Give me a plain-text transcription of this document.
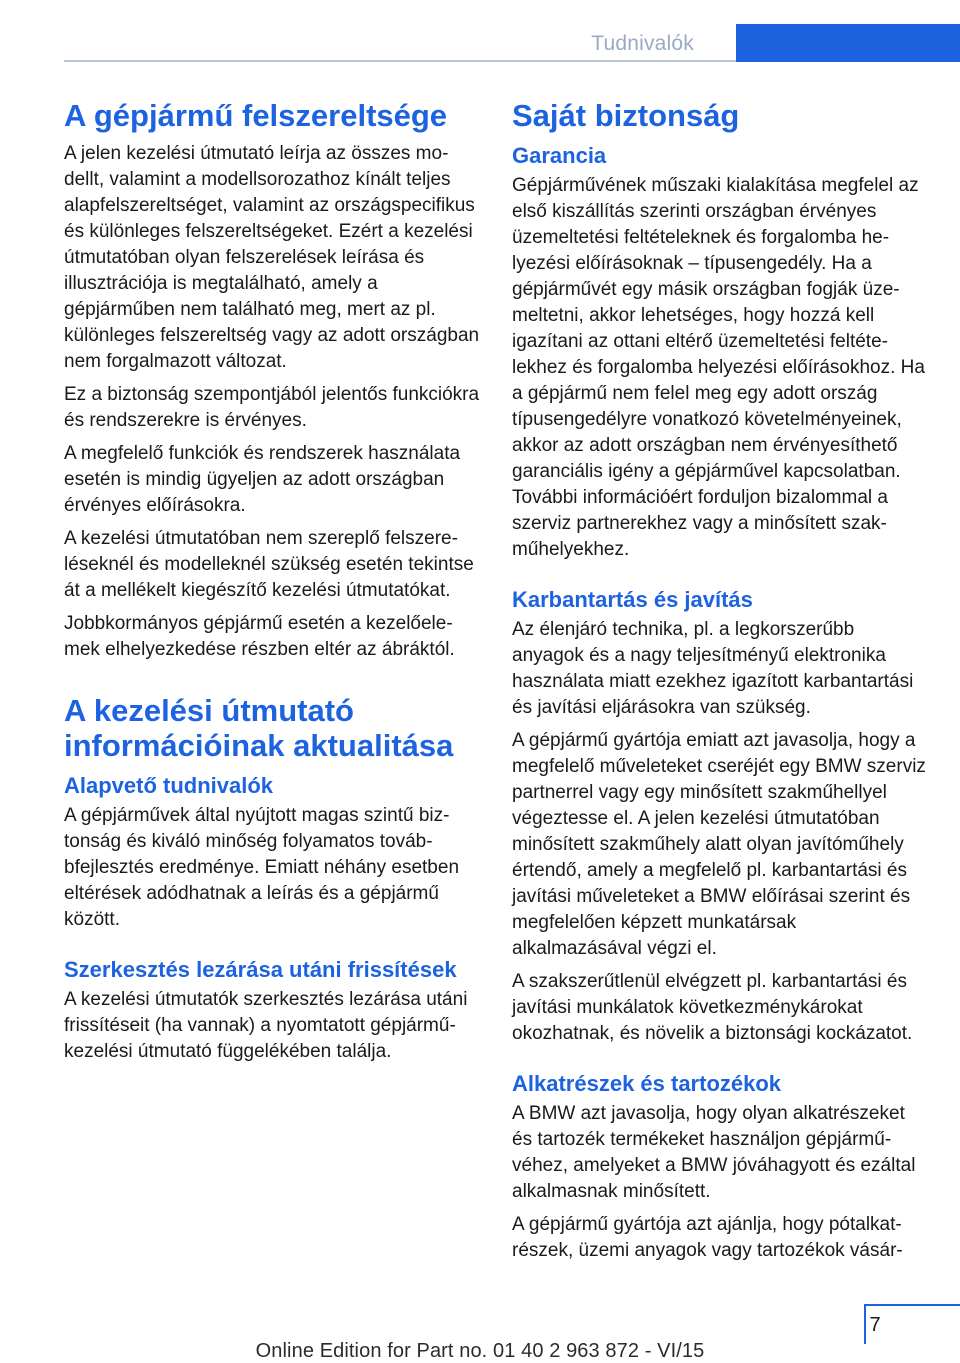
Tudnivalók
A gépjármű felszereltsége

A jelen kezelési útmutató leírja az összes modellt, valamint a modellsorozathoz kínált teljes alapfelszereltséget, valamint az országspecifikus és különleges felszereltségeket. Ezért a kezelési útmutatóban olyan felszerelések leírása és illusztrációja is megtalálható, amely a gépjárműben nem található meg, mert az pl. különleges felszereltség vagy az adott országban nem forgalmazott változat.

Ez a biztonság szempontjából jelentős funkciókra és rendszerekre is érvényes.

A megfelelő funkciók és rendszerek használata esetén is mindig ügyeljen az adott országban érvényes előírásokra.

A kezelési útmutatóban nem szereplő felszereléseknél és modelleknél szükség esetén tekintse át a mellékelt kiegészítő kezelési útmutatókat.

Jobbkormányos gépjármű esetén a kezelőelemek elhelyezkedése részben eltér az ábráktól.

A kezelési útmutató információinak aktualitása
Alapvető tudnivalók

A gépjárművek által nyújtott magas szintű biztonság és kiváló minőség folyamatos továbbfejlesztés eredménye. Emiatt néhány esetben eltérések adódhatnak a leírás és a gépjármű között.

Szerkesztés lezárása utáni frissítések

A kezelési útmutatók szerkesztés lezárása utáni frissítéseit (ha vannak) a nyomtatott gépjármű-kezelési útmutató függelékében találja.

Saját biztonság
Garancia

Gépjárművének műszaki kialakítása megfelel az első kiszállítás szerinti országban érvényes üzemeltetési feltételeknek és forgalomba helyezési előírásoknak – típusengedély. Ha a gépjárművét egy másik országban fogják üzemeltetni, akkor lehetséges, hogy hozzá kell igazítani az ottani eltérő üzemeltetési feltételekhez és forgalomba helyezési előírásokhoz. Ha a gépjármű nem felel meg egy adott ország típusengedélyre vonatkozó követelményeinek, akkor az adott országban nem érvényesíthető garanciális igény a gépjárművel kapcsolatban. További információért forduljon bizalommal a szerviz partnerekhez vagy a minősített szakműhelyekhez.

Karbantartás és javítás

Az élenjáró technika, pl. a legkorszerűbb anyagok és a nagy teljesítményű elektronika használata miatt ezekhez igazított karbantartási és javítási eljárásokra van szükség.

A gépjármű gyártója emiatt azt javasolja, hogy a megfelelő műveleteket cseréjét egy BMW szerviz partnerrel vagy egy minősített szakműhellyel végeztesse el. A jelen kezelési útmutatóban minősített szakműhely alatt olyan javítóműhely értendő, amely a megfelelő pl. karbantartási és javítási műveleteket a BMW előírásai szerint és megfelelően képzett munkatársak alkalmazásával végzi el.

A szakszerűtlenül elvégzett pl. karbantartási és javítási munkálatok következménykárokat okozhatnak, és növelik a biztonsági kockázatot.

Alkatrészek és tartozékok

A BMW azt javasolja, hogy olyan alkatrészeket és tartozék termékeket használjon gépjárművéhez, amelyeket a BMW jóváhagyott és ezáltal alkalmasnak minősített.

A gépjármű gyártója azt ajánlja, hogy pótalkatrészek, üzemi anyagok vagy tartozékok vásár-

7
Online Edition for Part no. 01 40 2 963 872 - VI/15
